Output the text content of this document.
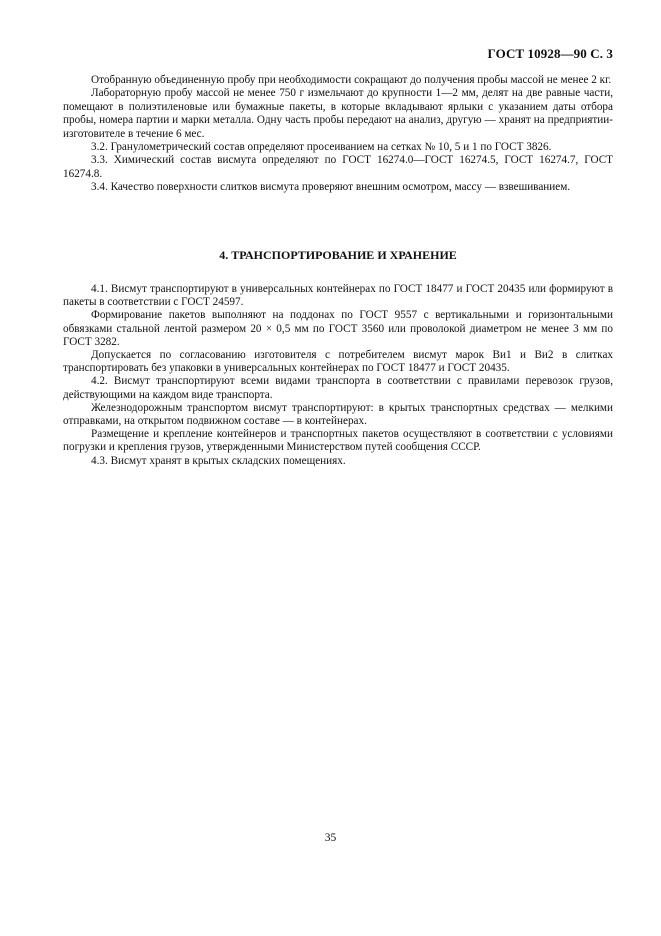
ГОСТ 10928—90 С. 3

Отобранную объединенную пробу при необходимости сокращают до получения пробы массой не менее 2 кг.

Лабораторную пробу массой не менее 750 г измельчают до крупности 1—2 мм, делят на две равные части, помещают в полиэтиленовые или бумажные пакеты, в которые вкладывают ярлыки с указанием даты отбора пробы, номера партии и марки металла. Одну часть пробы передают на анализ, другую — хранят на предприятии-изготовителе в течение 6 мес.

3.2. Гранулометрический состав определяют просеиванием на сетках № 10, 5 и 1 по ГОСТ 3826.

3.3. Химический состав висмута определяют по ГОСТ 16274.0—ГОСТ 16274.5, ГОСТ 16274.7, ГОСТ 16274.8.

3.4. Качество поверхности слитков висмута проверяют внешним осмотром, массу — взвешиванием.

4. ТРАНСПОРТИРОВАНИЕ И ХРАНЕНИЕ

4.1. Висмут транспортируют в универсальных контейнерах по ГОСТ 18477 и ГОСТ 20435 или формируют в пакеты в соответствии с ГОСТ 24597.

Формирование пакетов выполняют на поддонах по ГОСТ 9557 с вертикальными и горизонтальными обвязками стальной лентой размером 20 × 0,5 мм по ГОСТ 3560 или проволокой диаметром не менее 3 мм по ГОСТ 3282.

Допускается по согласованию изготовителя с потребителем висмут марок Ви1 и Ви2 в слитках транспортировать без упаковки в универсальных контейнерах по ГОСТ 18477 и ГОСТ 20435.

4.2. Висмут транспортируют всеми видами транспорта в соответствии с правилами перевозок грузов, действующими на каждом виде транспорта.

Железнодорожным транспортом висмут транспортируют: в крытых транспортных средствах — мелкими отправками, на открытом подвижном составе — в контейнерах.

Размещение и крепление контейнеров и транспортных пакетов осуществляют в соответствии с условиями погрузки и крепления грузов, утвержденными Министерством путей сообщения СССР.

4.3. Висмут хранят в крытых складских помещениях.

35
